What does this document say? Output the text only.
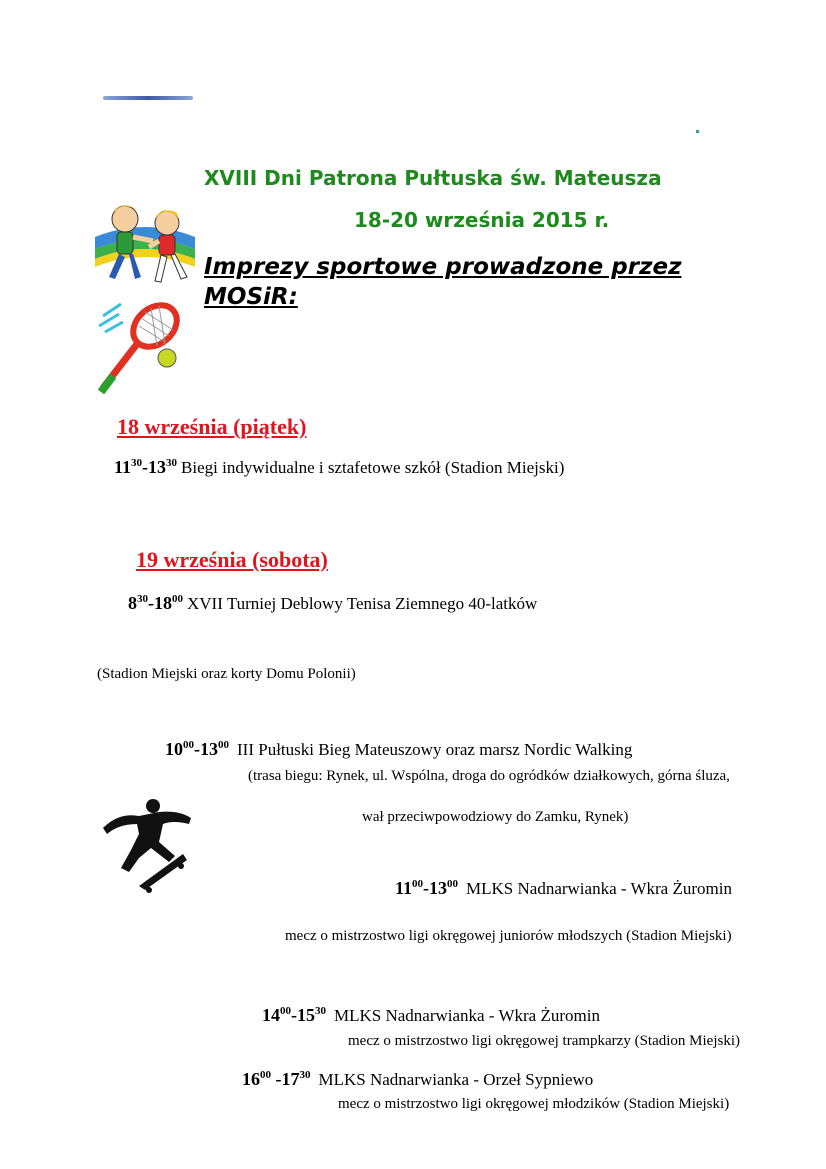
XVIII Dni Patrona Pułtuska św. Mateusza
18-20 września 2015 r.
Imprezy sportowe prowadzone przez
MOSiR:
18 września (piątek)
$11^{30}-13^{30}$ Biegi indywidualne i sztafetowe szkół (Stadion Miejski)
19 września (sobota)
$8^{30}-18^{00}$ XVII Turniej Deblowy Tenisa Ziemnego 40-latków
(Stadion Miejski oraz korty Domu Polonii)
$10^{00}-13^{00}$ III Pułtuski Bieg Mateuszowy oraz marsz Nordic Walking
(trasa biegu: Rynek, ul. Wspólna, droga do ogródków działkowych, górna śluza,
wał przeciwpowodziowy do Zamku, Rynek)
$11^{00}-13^{00}$ MLKS Nadnarwianka - Wkra Żuromin
mecz o mistrzostwo ligi okręgowej juniorów młodszych (Stadion Miejski)
$14^{00}-15^{30}$ MLKS Nadnarwianka - Wkra Żuromin
mecz o mistrzostwo ligi okręgowej trampkarzy (Stadion Miejski)
$16^{00}$ $-17^{30}$ MLKS Nadnarwianka - Orzeł Sypniewo
mecz o mistrzostwo ligi okręgowej młodzików (Stadion Miejski)
